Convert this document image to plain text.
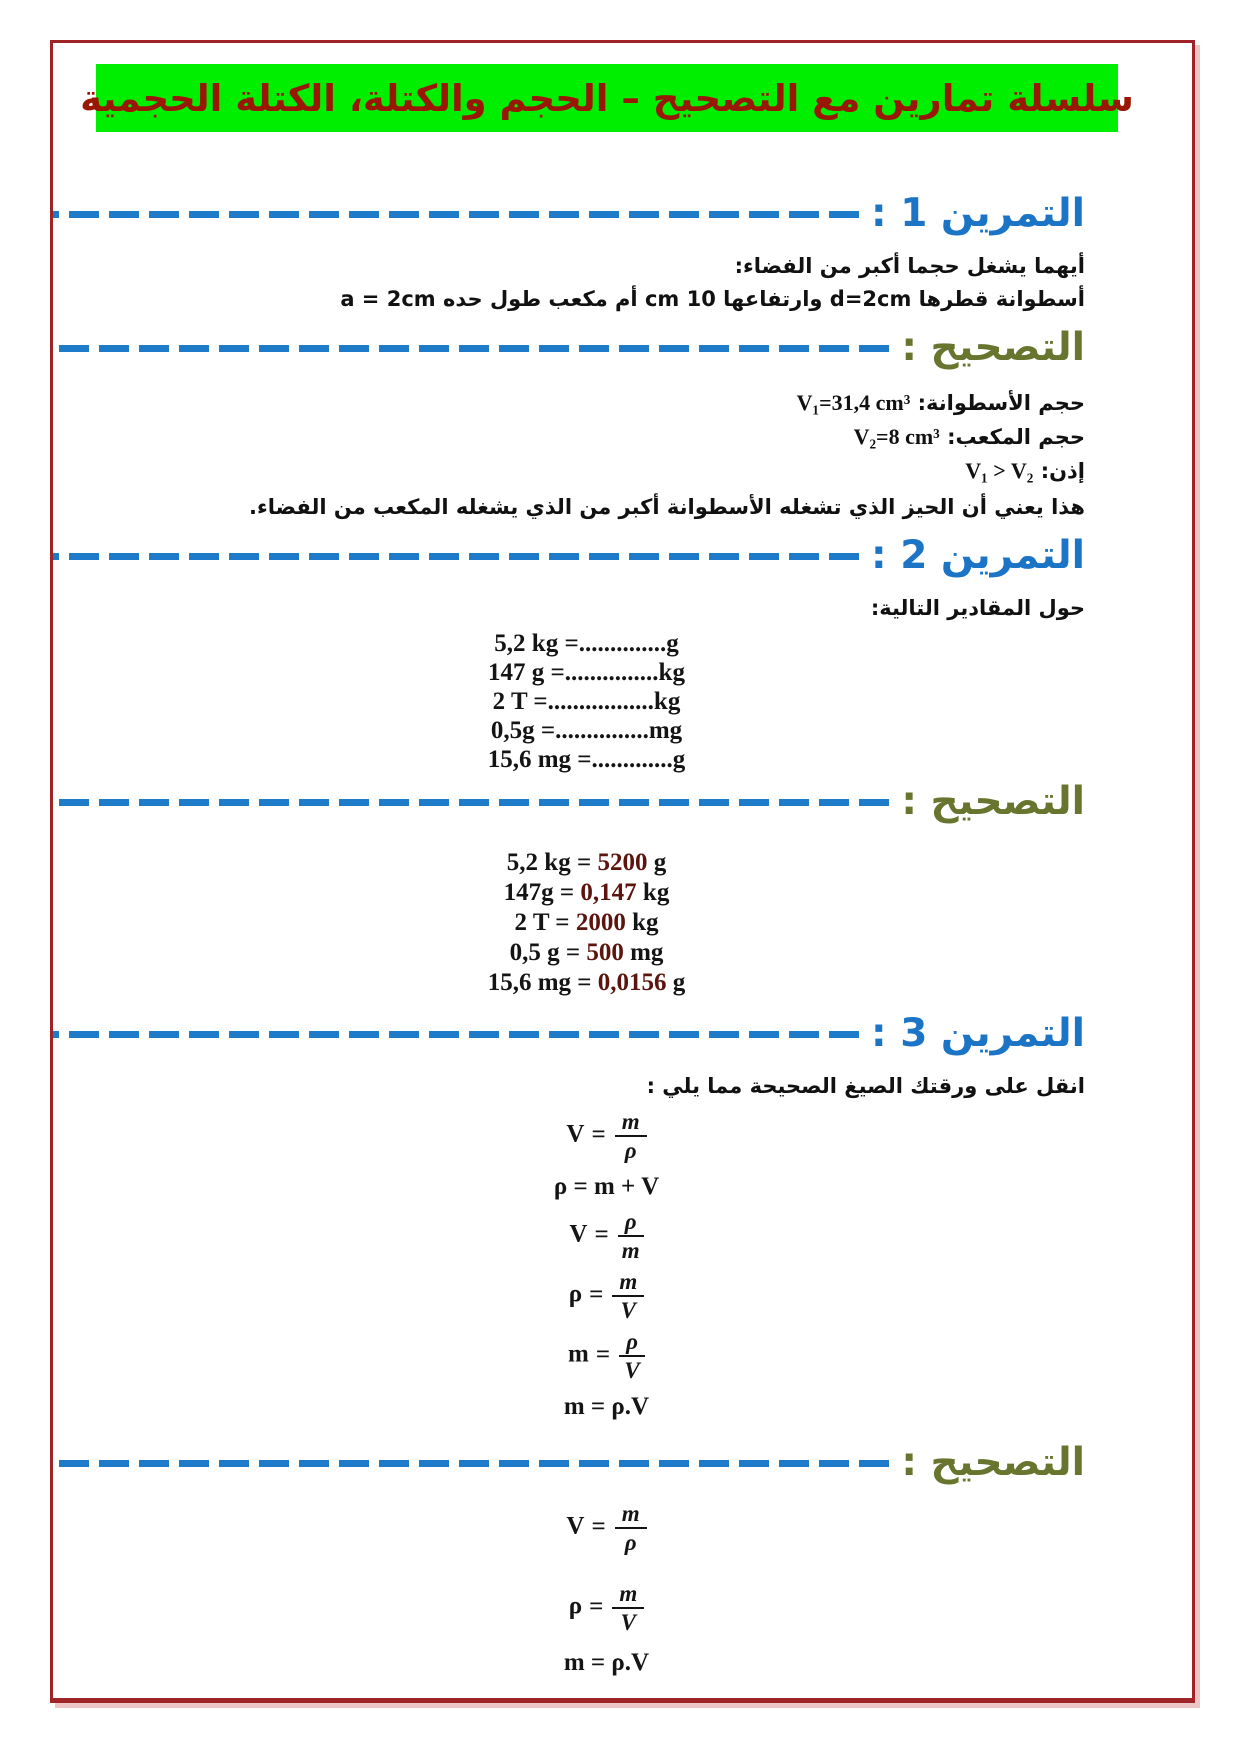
سلسلة تمارين مع التصحيح – الحجم والكتلة، الكتلة الحجمية
التمرين 1 :
أيهما يشغل حجما أكبر من الفضاء:
أسطوانة قطرها d=2cm وارتفاعها 10 cm أم مكعب طول حده a = 2cm
التصحيح :
حجم الأسطوانة: V₁=31,4 cm³
حجم المكعب: V₂=8 cm³
إذن: V₁ > V₂
هذا يعني أن الحيز الذي تشغله الأسطوانة أكبر من الذي يشغله المكعب من الفضاء.
التمرين 2 :
حول المقادير التالية:
5,2 kg =..............g
147 g =...............kg
2 T =.................kg
0,5g =...............mg
15,6 mg =.............g
التصحيح :
5,2 kg = 5200 g
147g = 0,147 kg
2 T = 2000 kg
0,5 g = 500 mg
15,6 mg = 0,0156 g
التمرين 3 :
انقل على ورقتك الصيغ الصحيحة مما يلي :
$V = \frac{m}{\rho}$
ρ = m + V
$V = \frac{\rho}{m}$
$\rho = \frac{m}{V}$
$m = \frac{\rho}{V}$
m = ρ.V
التصحيح :
$V = \frac{m}{\rho}$
$\rho = \frac{m}{V}$
m = ρ.V
